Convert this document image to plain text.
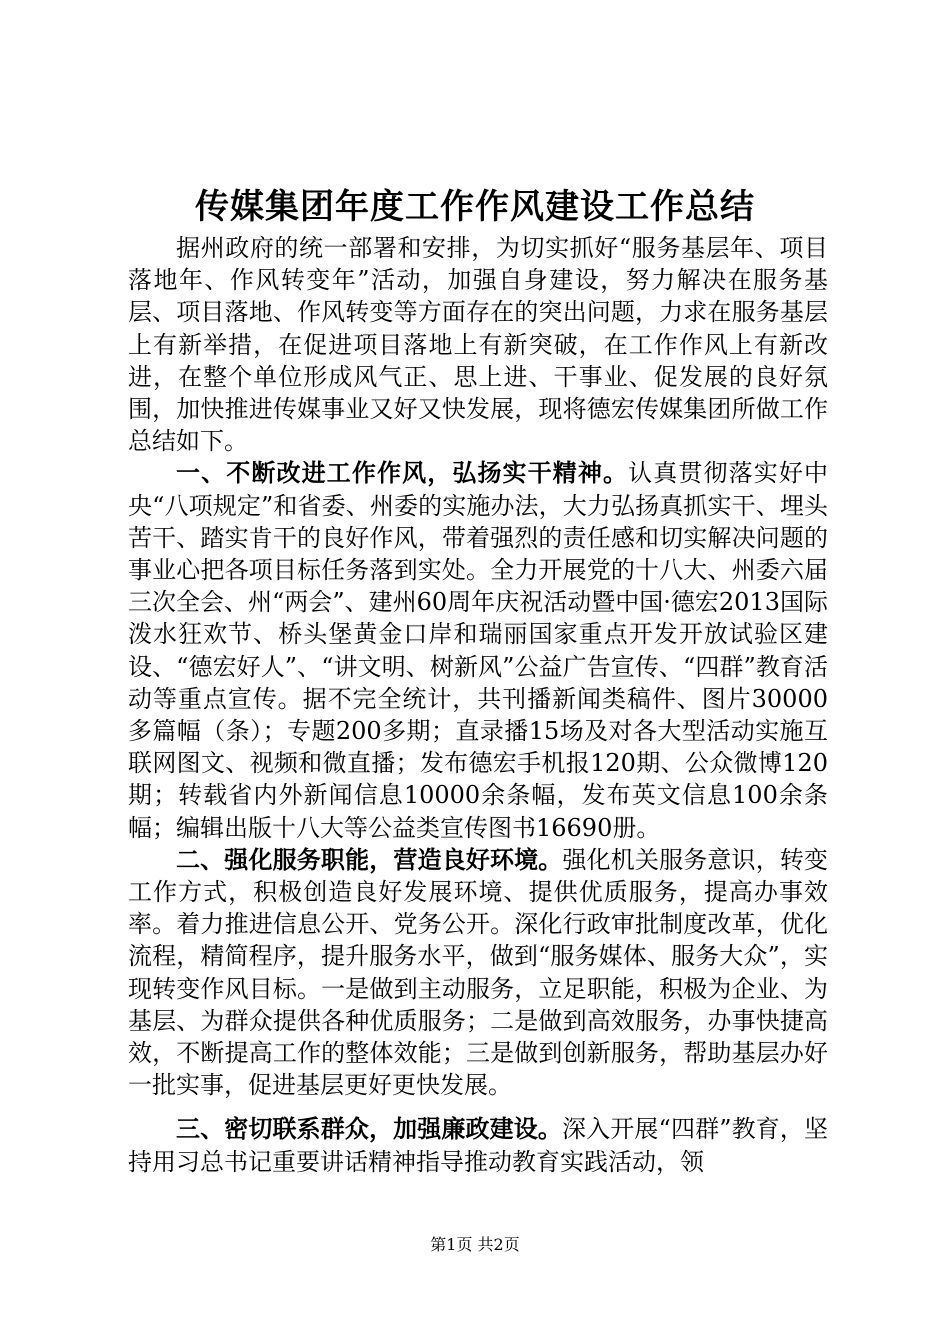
传媒集团年度工作作风建设工作总结

据州政府的统一部署和安排，为切实抓好“服务基层年、项目落地年、作风转变年”活动，加强自身建设，努力解决在服务基层、项目落地、作风转变等方面存在的突出问题，力求在服务基层上有新举措，在促进项目落地上有新突破，在工作作风上有新改进，在整个单位形成风气正、思上进、干事业、促发展的良好氛围，加快推进传媒事业又好又快发展，现将德宏传媒集团所做工作总结如下。

一、不断改进工作作风，弘扬实干精神。认真贯彻落实好中央“八项规定”和省委、州委的实施办法，大力弘扬真抓实干、埋头苦干、踏实肯干的良好作风，带着强烈的责任感和切实解决问题的事业心把各项目标任务落到实处。全力开展党的十八大、州委六届三次全会、州“两会”、建州60周年庆祝活动暨中国·德宏2013国际泼水狂欢节、桥头堡黄金口岸和瑞丽国家重点开发开放试验区建设、“德宏好人”、“讲文明、树新风”公益广告宣传、“四群”教育活动等重点宣传。据不完全统计，共刊播新闻类稿件、图片30000多篇幅（条）；专题200多期；直录播15场及对各大型活动实施互联网图文、视频和微直播；发布德宏手机报120期、公众微博120期；转载省内外新闻信息10000余条幅，发布英文信息100余条幅；编辑出版十八大等公益类宣传图书16690册。

二、强化服务职能，营造良好环境。强化机关服务意识，转变工作方式，积极创造良好发展环境、提供优质服务，提高办事效率。着力推进信息公开、党务公开。深化行政审批制度改革，优化流程，精简程序，提升服务水平，做到“服务媒体、服务大众”，实现转变作风目标。一是做到主动服务，立足职能，积极为企业、为基层、为群众提供各种优质服务；二是做到高效服务，办事快捷高效，不断提高工作的整体效能；三是做到创新服务，帮助基层办好一批实事，促进基层更好更快发展。

三、密切联系群众，加强廉政建设。深入开展“四群”教育，坚持用习总书记重要讲话精神指导推动教育实践活动，领

第1页 共2页
